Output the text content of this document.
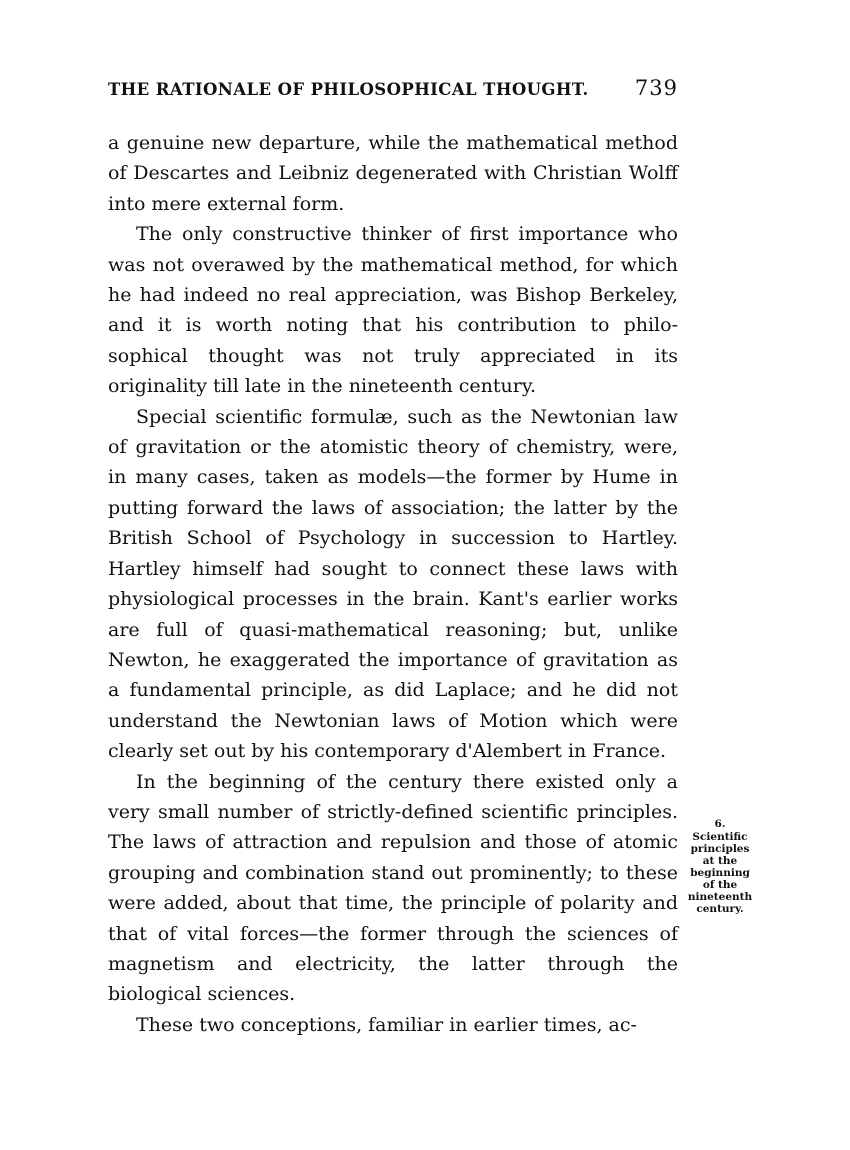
THE RATIONALE OF PHILOSOPHICAL THOUGHT. 739

a genuine new departure, while the mathematical method of Descartes and Leibniz degenerated with Christian Wolff into mere external form.

The only constructive thinker of first importance who was not overawed by the mathematical method, for which he had indeed no real appreciation, was Bishop Berkeley, and it is worth noting that his contribution to philosophical thought was not truly appreciated in its originality till late in the nineteenth century.

Special scientific formulæ, such as the Newtonian law of gravitation or the atomistic theory of chemistry, were, in many cases, taken as models—the former by Hume in putting forward the laws of association; the latter by the British School of Psychology in succession to Hartley. Hartley himself had sought to connect these laws with physiological processes in the brain. Kant's earlier works are full of quasi-mathematical reasoning; but, unlike Newton, he exaggerated the importance of gravitation as a fundamental principle, as did Laplace; and he did not understand the Newtonian laws of Motion which were clearly set out by his contemporary d'Alembert in France.

In the beginning of the century there existed only a very small number of strictly-defined scientific principles. The laws of attraction and repulsion and those of atomic grouping and combination stand out prominently; to these were added, about that time, the principle of polarity and that of vital forces—the former through the sciences of magnetism and electricity, the latter through the biological sciences.

These two conceptions, familiar in earlier times, ac-

6.
Scientific
principles
at the
beginning
of the
nineteenth
century.
